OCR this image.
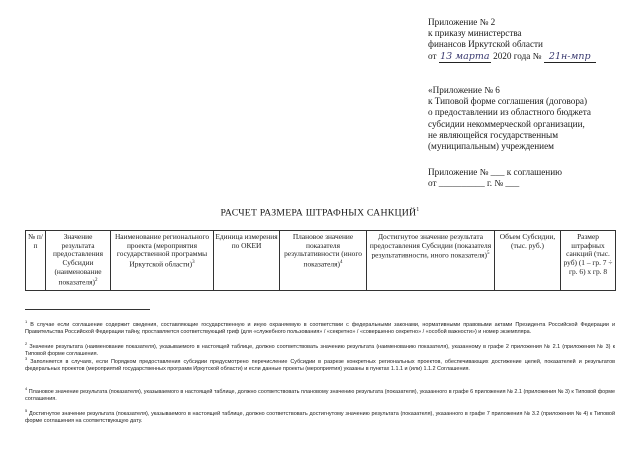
Приложение № 2
к приказу министерства
финансов Иркутской области
от 13 марта 2020 года № 21н-мпр
«Приложение № 6
к Типовой форме соглашения (договора)
о предоставлении из областного бюджета
субсидии некоммерческой организации,
не являющейся государственным
(муниципальным) учреждением
Приложение № ___ к соглашению
от __________ г. № ___
РАСЧЕТ РАЗМЕРА ШТРАФНЫХ САНКЦИЙ$^1$
№ п/п	Значение результата предоставления Субсидии (наименование показателя)$^2$	Наименование регионального проекта (мероприятия государственной программы Иркутской области)$^3$	Единица измерения по ОКЕИ	Плановое значение показателя результативности (иного показателя)$^4$	Достигнутое значение результата предоставления Субсидии (показателя результативности, иного показателя)$^5$	Объем Субсидии, (тыс. руб.)	Размер штрафных санкций (тыс. руб) (1 – гр. 7 ÷ гр. 6) х гр. 8
$^1$ В случае если соглашение содержит сведения, составляющие государственную и иную охраняемую в соответствии с федеральными законами, нормативными правовыми актами Президента Российской Федерации и Правительства Российской Федерации тайну, проставляется соответствующий гриф (для «служебного пользования» / «секретно» / «совершенно секретно» / «особой важности») и номер экземпляра.
$^2$ Значение результата (наименование показателя), указываемого в настоящей таблице, должно соответствовать значению результата (наименованию показателя), указанному в графе 2 приложения № 2.1 (приложения № 3) к Типовой форме соглашения.
$^3$ Заполняется в случаях, если Порядком предоставления субсидии предусмотрено перечисление Субсидии в разрезе конкретных региональных проектов, обеспечивающих достижение целей, показателей и результатов федеральных проектов (мероприятий государственных программ Иркутской области) и если данные проекты (мероприятия) указаны в пунктах 1.1.1 и (или) 1.1.2 Соглашения.
$^4$ Плановое значение результата (показателя), указываемого в настоящей таблице, должно соответствовать плановому значению результата (показателя), указанного в графе 6 приложения № 2.1 (приложения № 3) к Типовой форме соглашения.
$^5$ Достигнутое значение результата (показателя), указываемого в настоящей таблице, должно соответствовать достигнутому значению результата (показателя), указанного в графе 7 приложения № 3.2 (приложения № 4) к Типовой форме соглашения на соответствующую дату.
